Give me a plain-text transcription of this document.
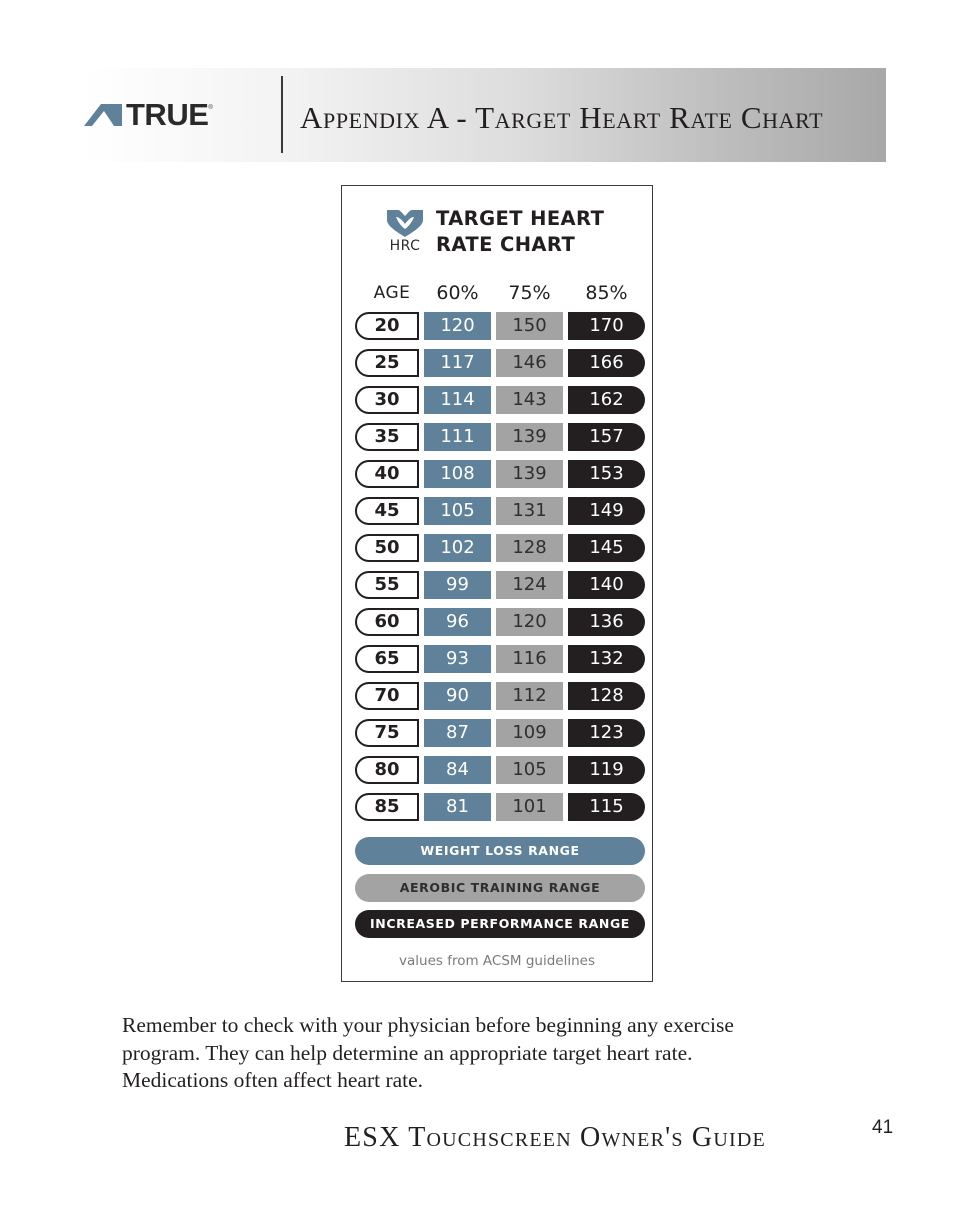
TRUE ®	Appendix A - Target Heart Rate Chart
HRC
TARGET HEART
RATE CHART
AGE	60%	75%	85%
20	120	150	170
25	117	146	166
30	114	143	162
35	111	139	157
40	108	139	153
45	105	131	149
50	102	128	145
55	99	124	140
60	96	120	136
65	93	116	132
70	90	112	128
75	87	109	123
80	84	105	119
85	81	101	115
WEIGHT LOSS RANGE
AEROBIC TRAINING RANGE
INCREASED PERFORMANCE RANGE
values from ACSM guidelines
Remember to check with your physician before beginning any exercise
program. They can help determine an appropriate target heart rate.
Medications often affect heart rate.
ESX Touchscreen Owner's Guide	41
